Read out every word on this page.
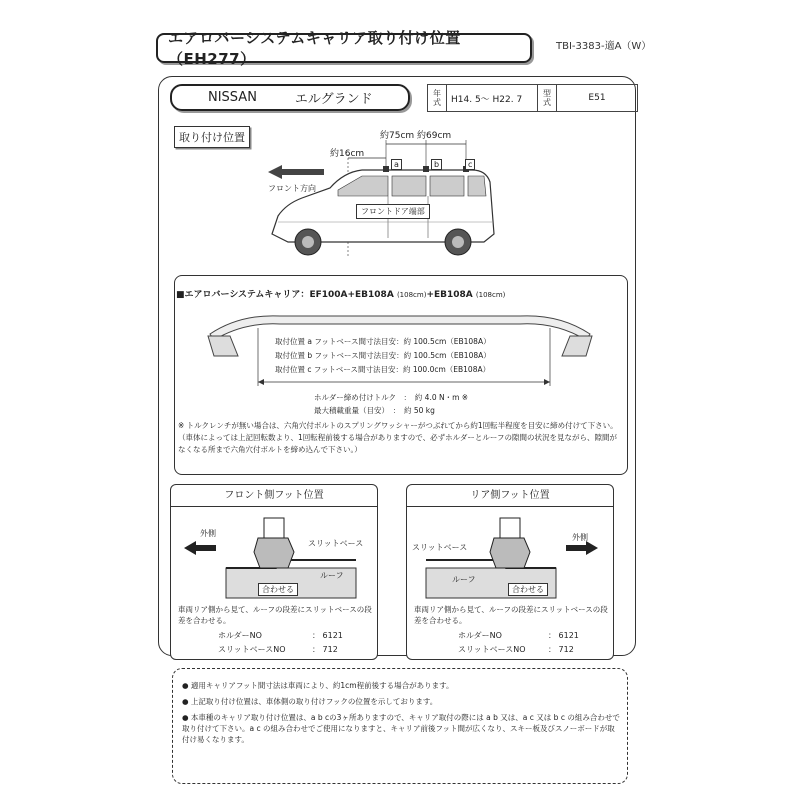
エアロバーシステムキャリア取り付け位置（EH277）
TBI-3383-適A（W）
NISSAN	エルグランド	年式	H14. 5〜 H22. 7	型式	E51
取り付け位置	約75cm 約69cm
約16cm
a	b	c
フロント方向
フロントドア端部
■エアロバーシステムキャリア：EF100A+EB108A (108cm)+EB108A (108cm)
取付位置 a フットベース間寸法目安：約 100.5cm（EB108A）
取付位置 b フットベース間寸法目安：約 100.5cm（EB108A）
取付位置 c フットベース間寸法目安：約 100.0cm（EB108A）
ホルダー締め付けトルク　：　約 4.0 N・m ※
最大積載重量（目安）　：　約 50 kg
※ トルクレンチが無い場合は、六角穴付ボルトのスプリングワッシャーがつぶれてから約1回転半程度を目安に締め付けて下さい。（車体によっては上記回転数より、1回転程前後する場合がありますので、必ずホルダーとルーフの隙間の状況を見ながら、隙間がなくなる所まで六角穴付ボルトを締め込んで下さい。）
フロント側フット位置
外側
スリットベース
ルーフ
合わせる
車両リア側から見て、ルーフの段差にスリットベースの段差を合わせる。
ホルダーNO	： 6121
スリットベースNO	： 712
リア側フット位置
外側
スリットベース
ルーフ
合わせる
車両リア側から見て、ルーフの段差にスリットベースの段差を合わせる。
ホルダーNO	： 6121
スリットベースNO	： 712
● 適用キャリアフット間寸法は車両により、約1cm程前後する場合があります。
● 上記取り付け位置は、車体側の取り付けフックの位置を示しております。
● 本車種のキャリア取り付け位置は、a b cの3ヶ所ありますので、キャリア取付の際には a b 又は、a c 又は b c の組み合わせで取り付けて下さい。a c の組み合わせでご使用になりますと、キャリア前後フット間が広くなり、スキー板及びスノーボードが取付け易くなります。
